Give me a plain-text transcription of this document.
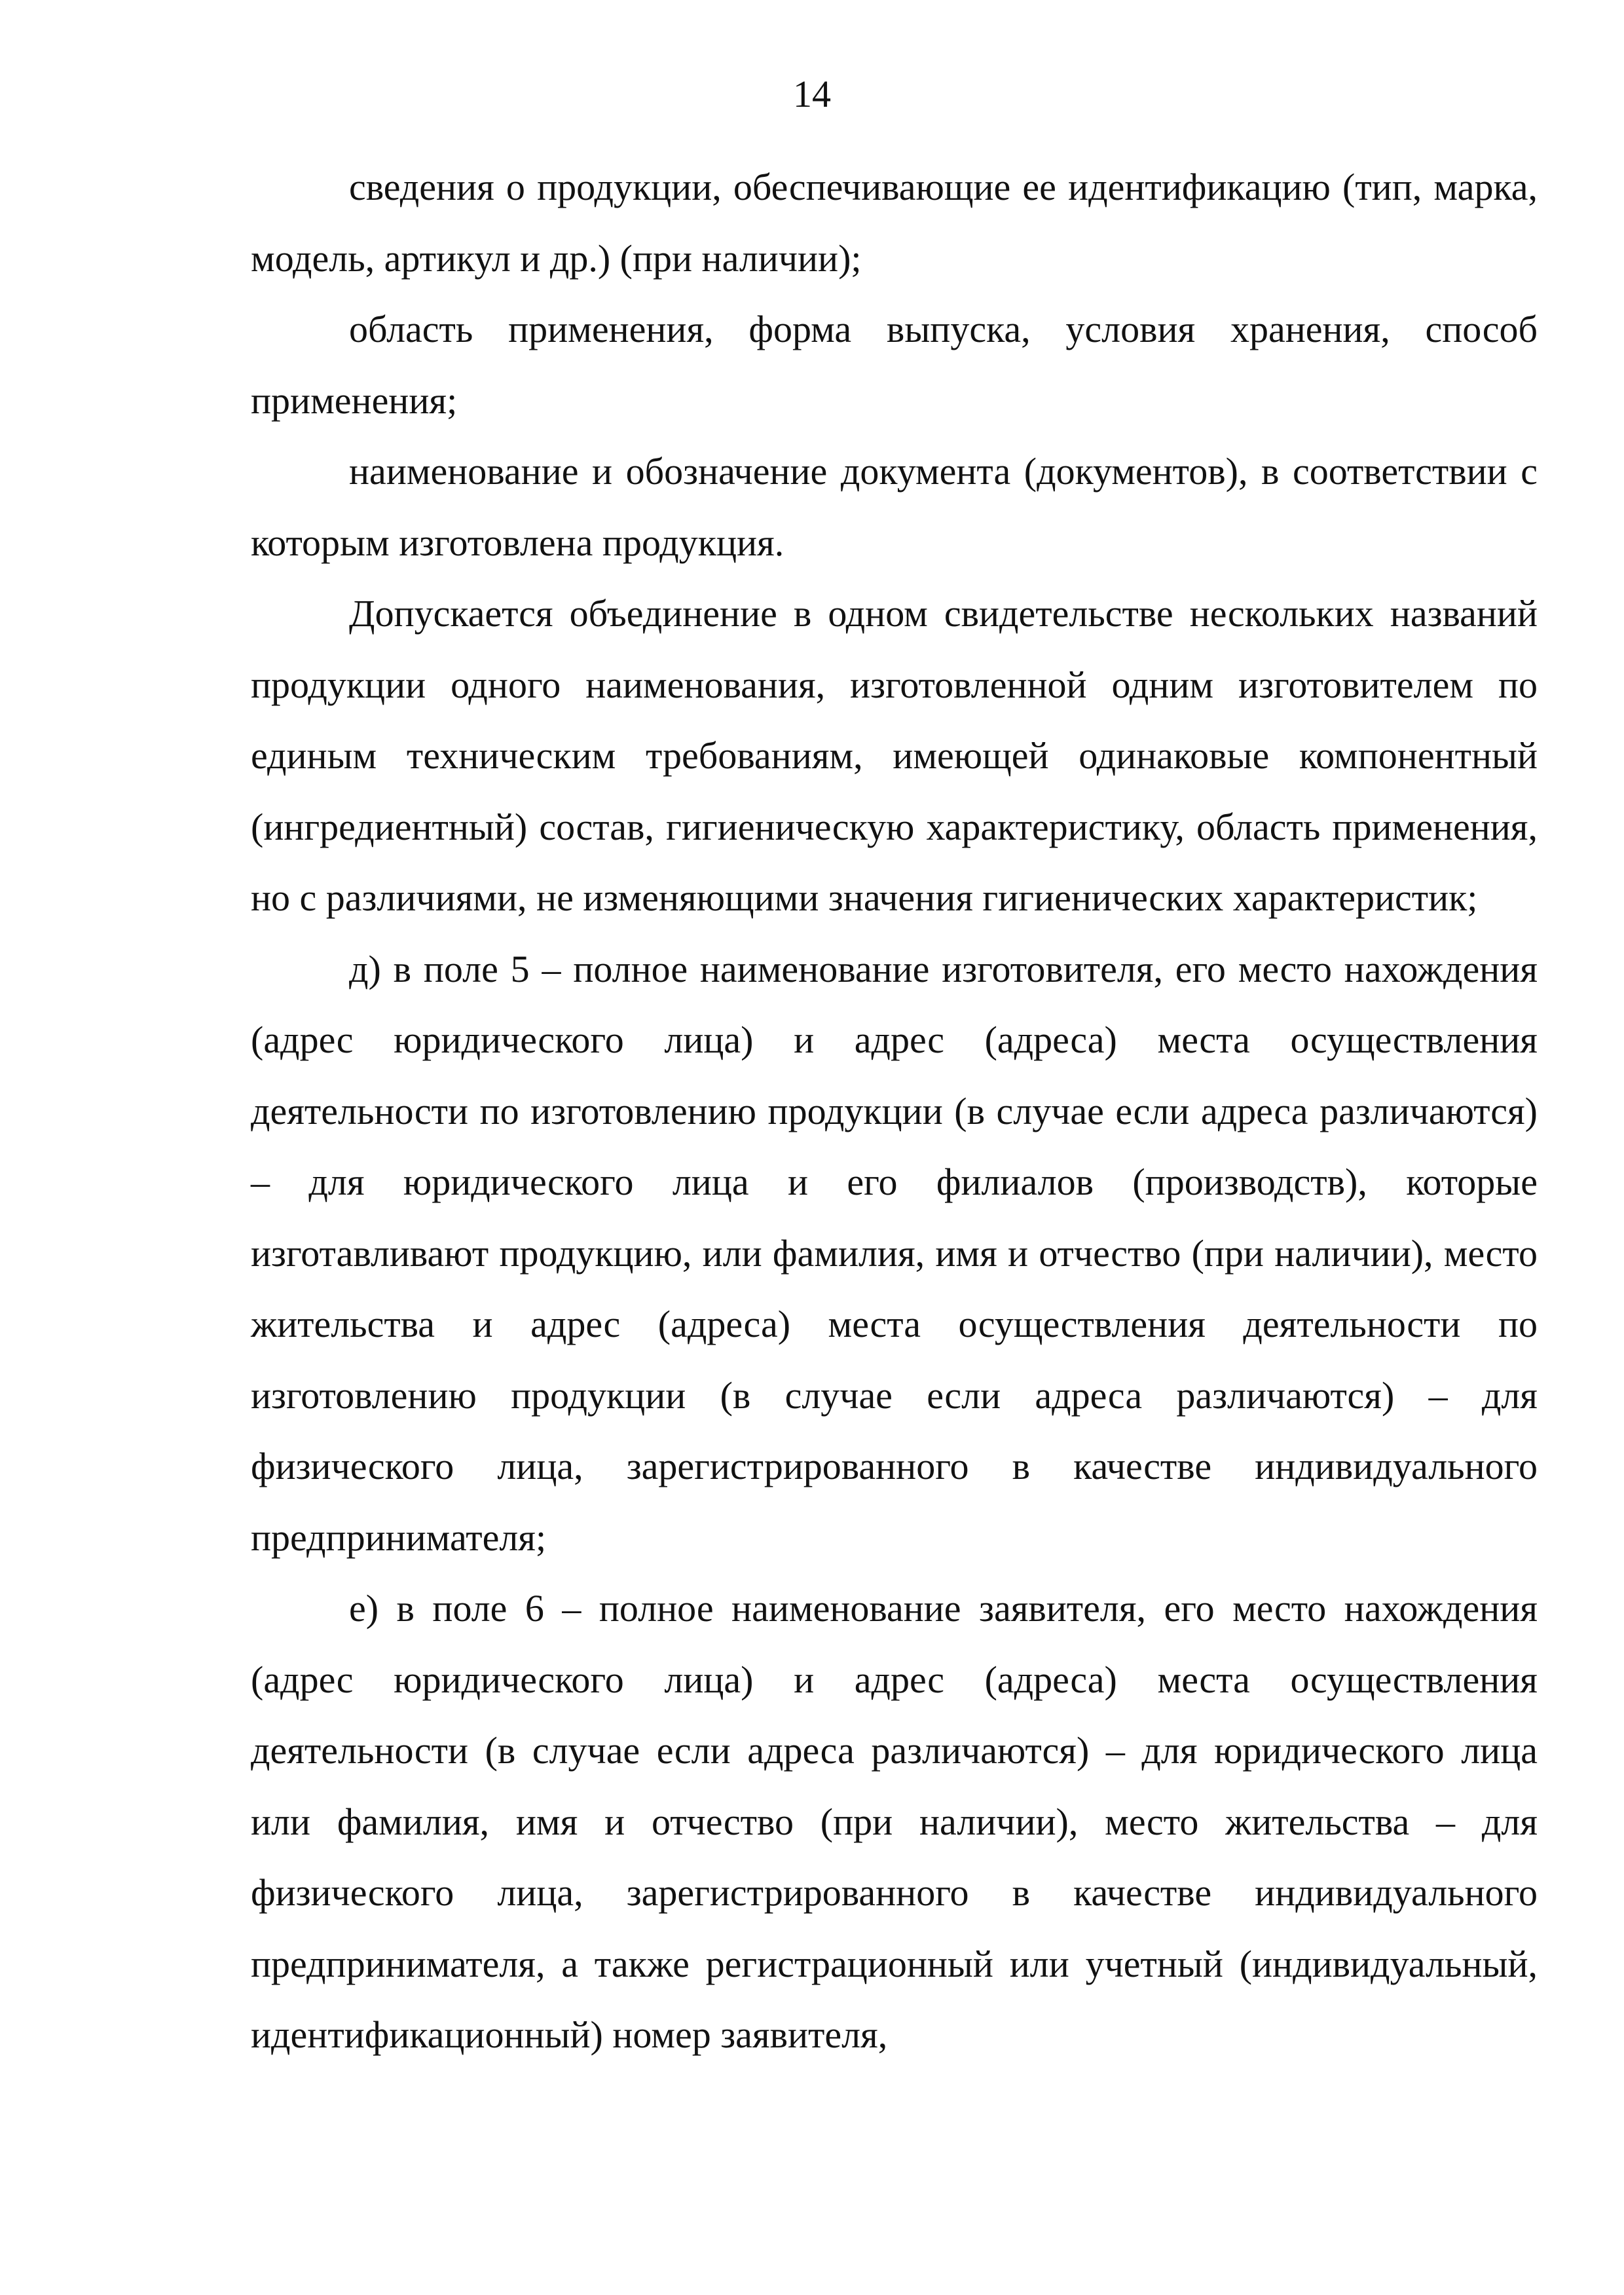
14

сведения о продукции, обеспечивающие ее идентификацию (тип, марка, модель, артикул и др.) (при наличии);

область применения, форма выпуска, условия хранения, способ применения;

наименование и обозначение документа (документов), в соответствии с которым изготовлена продукция.

Допускается объединение в одном свидетельстве нескольких названий продукции одного наименования, изготовленной одним изготовителем по единым техническим требованиям, имеющей одинаковые компонентный (ингредиентный) состав, гигиеническую характеристику, область применения, но с различиями, не изменяющими значения гигиенических характеристик;

д) в поле 5 – полное наименование изготовителя, его место нахождения (адрес юридического лица) и адрес (адреса) места осуществления деятельности по изготовлению продукции (в случае если адреса различаются) – для юридического лица и его филиалов (производств), которые изготавливают продукцию, или фамилия, имя и отчество (при наличии), место жительства и адрес (адреса) места осуществления деятельности по изготовлению продукции (в случае если адреса различаются) – для физического лица, зарегистрированного в качестве индивидуального предпринимателя;

е) в поле 6 – полное наименование заявителя, его место нахождения (адрес юридического лица) и адрес (адреса) места осуществления деятельности (в случае если адреса различаются) – для юридического лица или фамилия, имя и отчество (при наличии), место жительства – для физического лица, зарегистрированного в качестве индивидуального предпринимателя, а также регистрационный или учетный (индивидуальный, идентификационный) номер заявителя,
